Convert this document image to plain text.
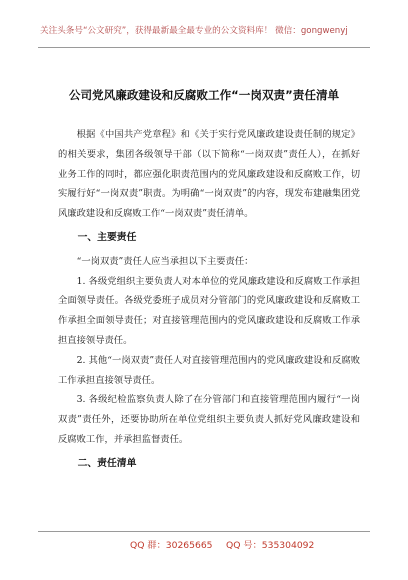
关注头条号“公文研究”，获得最新最全最专业的公文资料库！ 微信：gongwenyj
公司党风廉政建设和反腐败工作“一岗双责”责任清单

根据《中国共产党章程》和《关于实行党风廉政建设责任制的规定》的相关要求，集团各级领导干部（以下简称“一岗双责”责任人），在抓好业务工作的同时，都应强化职责范围内的党风廉政建设和反腐败工作，切实履行好“一岗双责”职责。为明确“一岗双责”的内容，现发布建融集团党风廉政建设和反腐败工作“一岗双责”责任清单。

一、主要责任

“一岗双责”责任人应当承担以下主要责任：

1. 各级党组织主要负责人对本单位的党风廉政建设和反腐败工作承担全面领导责任。各级党委班子成员对分管部门的党风廉政建设和反腐败工作承担全面领导责任；对直接管理范围内的党风廉政建设和反腐败工作承担直接领导责任。

2. 其他“一岗双责”责任人对直接管理范围内的党风廉政建设和反腐败工作承担直接领导责任。

3. 各级纪检监察负责人除了在分管部门和直接管理范围内履行“一岗双责”责任外，还要协助所在单位党组织主要负责人抓好党风廉政建设和反腐败工作，并承担监督责任。

二、责任清单

QQ 群：30265665 QQ 号：535304092
